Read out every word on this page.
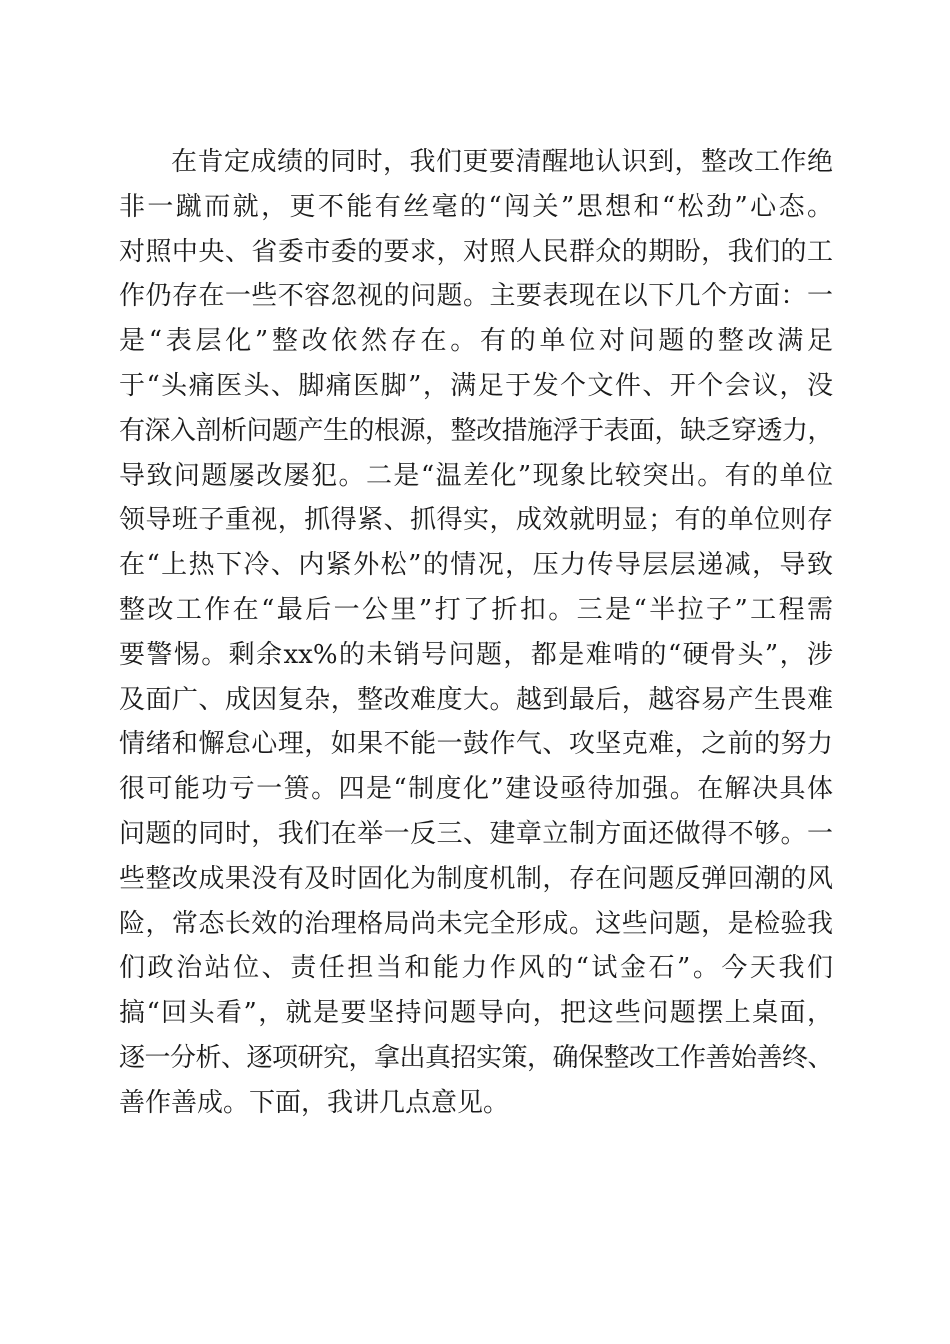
在肯定成绩的同时，我们更要清醒地认识到，整改工作绝
非一蹴而就，更不能有丝毫的“闯关”思想和“松劲”心态。
对照中央、省委市委的要求，对照人民群众的期盼，我们的工
作仍存在一些不容忽视的问题。主要表现在以下几个方面：一
是“表层化”整改依然存在。有的单位对问题的整改满足
于“头痛医头、脚痛医脚”，满足于发个文件、开个会议，没
有深入剖析问题产生的根源，整改措施浮于表面，缺乏穿透力，
导致问题屡改屡犯。二是“温差化”现象比较突出。有的单位
领导班子重视，抓得紧、抓得实，成效就明显；有的单位则存
在“上热下冷、内紧外松”的情况，压力传导层层递减，导致
整改工作在“最后一公里”打了折扣。三是“半拉子”工程需
要警惕。剩余xx%的未销号问题，都是难啃的“硬骨头”，涉
及面广、成因复杂，整改难度大。越到最后，越容易产生畏难
情绪和懈怠心理，如果不能一鼓作气、攻坚克难，之前的努力
很可能功亏一篑。四是“制度化”建设亟待加强。在解决具体
问题的同时，我们在举一反三、建章立制方面还做得不够。一
些整改成果没有及时固化为制度机制，存在问题反弹回潮的风
险，常态长效的治理格局尚未完全形成。这些问题，是检验我
们政治站位、责任担当和能力作风的“试金石”。今天我们
搞“回头看”，就是要坚持问题导向，把这些问题摆上桌面，
逐一分析、逐项研究，拿出真招实策，确保整改工作善始善终、
善作善成。下面，我讲几点意见。
